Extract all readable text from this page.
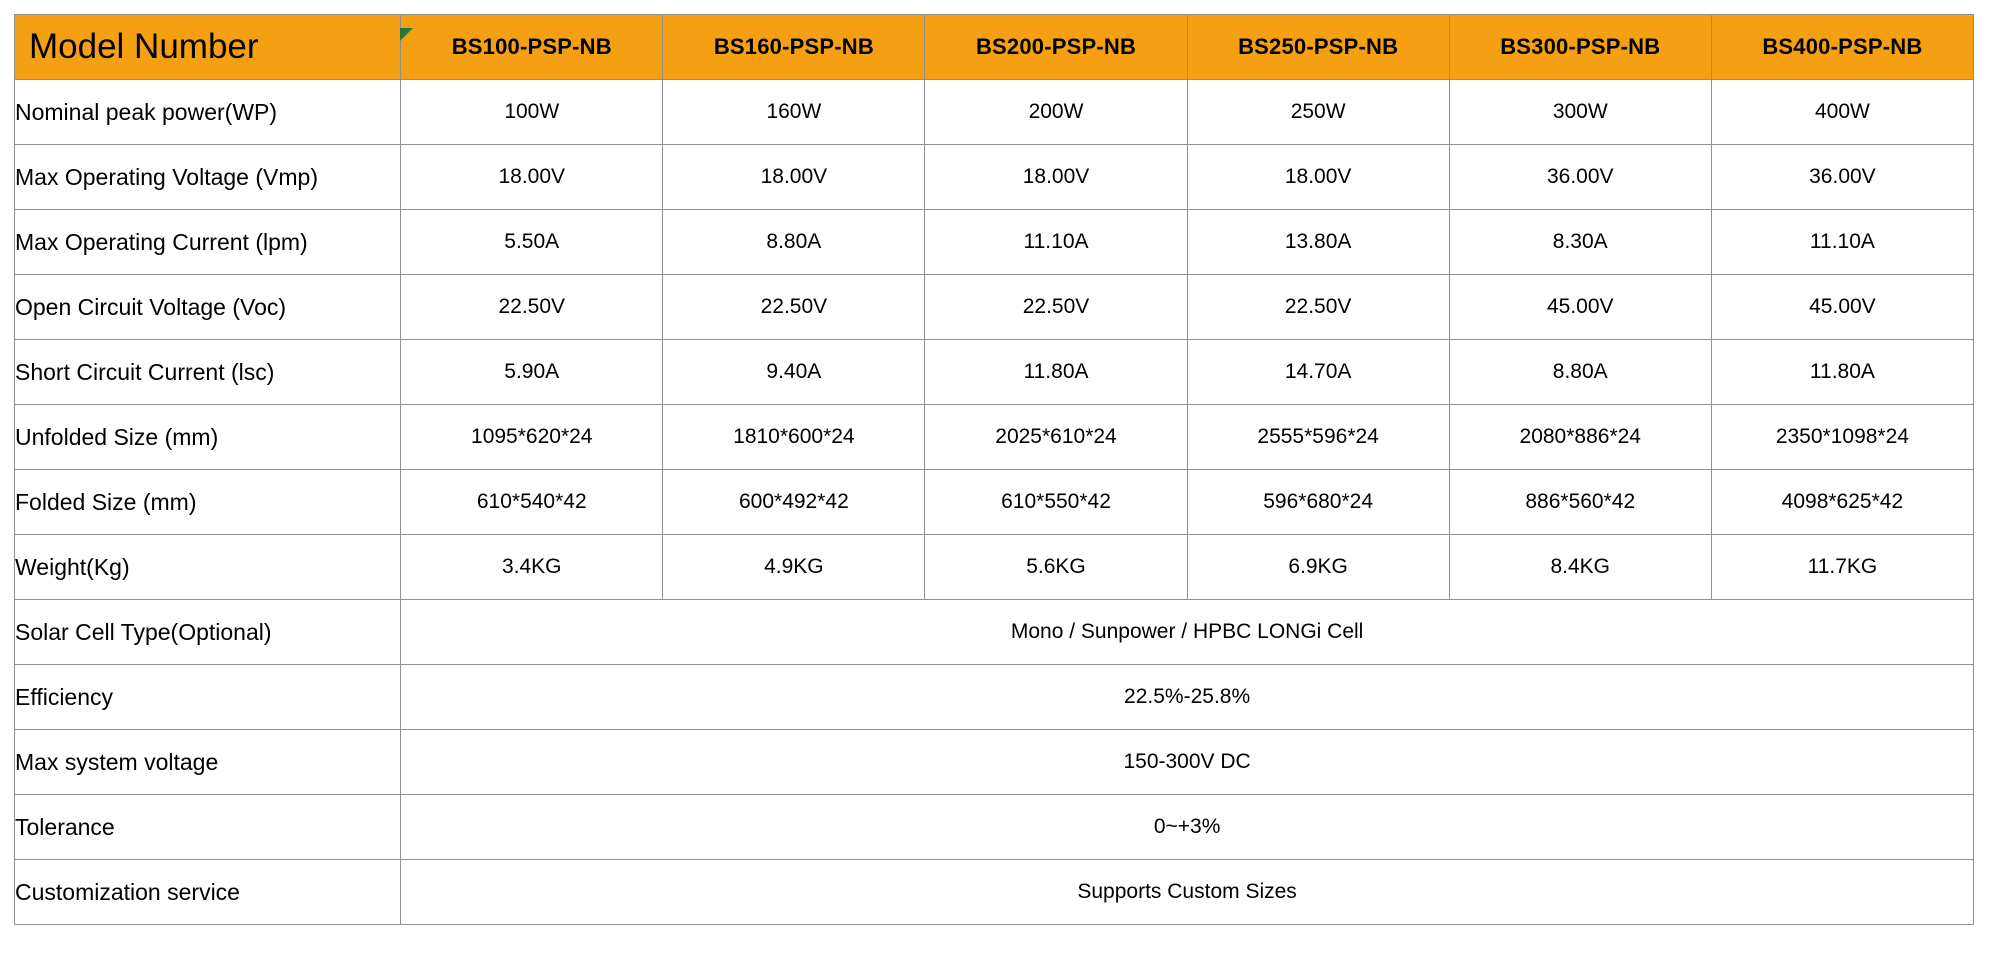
Model Number	BS100-PSP-NB	BS160-PSP-NB	BS200-PSP-NB	BS250-PSP-NB	BS300-PSP-NB	BS400-PSP-NB
Nominal peak power(WP)	100W	160W	200W	250W	300W	400W
Max Operating Voltage (Vmp)	18.00V	18.00V	18.00V	18.00V	36.00V	36.00V
Max Operating Current (lpm)	5.50A	8.80A	11.10A	13.80A	8.30A	11.10A
Open Circuit Voltage (Voc)	22.50V	22.50V	22.50V	22.50V	45.00V	45.00V
Short Circuit Current (lsc)	5.90A	9.40A	11.80A	14.70A	8.80A	11.80A
Unfolded Size (mm)	1095*620*24	1810*600*24	2025*610*24	2555*596*24	2080*886*24	2350*1098*24
Folded Size (mm)	610*540*42	600*492*42	610*550*42	596*680*24	886*560*42	4098*625*42
Weight(Kg)	3.4KG	4.9KG	5.6KG	6.9KG	8.4KG	11.7KG
Solar Cell Type(Optional)	Mono / Sunpower / HPBC LONGi Cell					
Efficiency	22.5%-25.8%					
Max system voltage	150-300V DC					
Tolerance	0~+3%					
Customization service	Supports Custom Sizes					
